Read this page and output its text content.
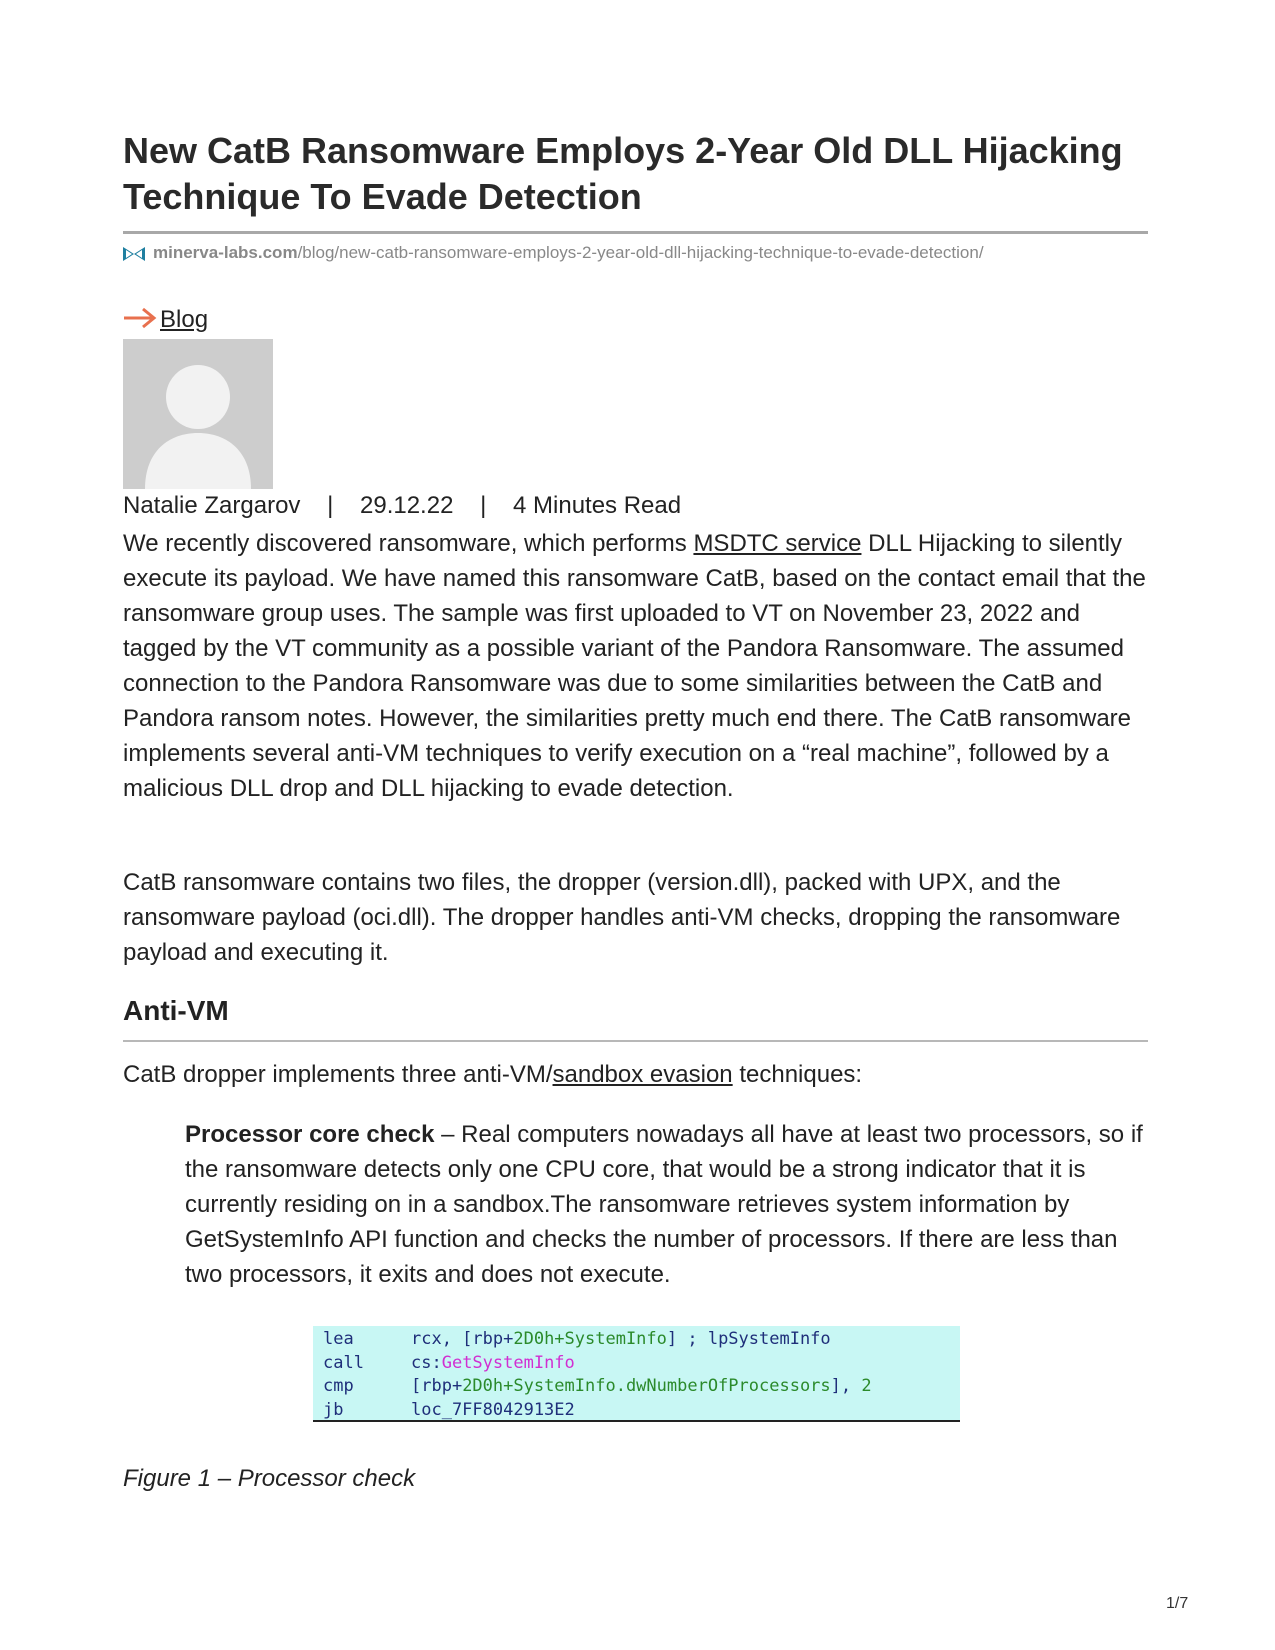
New CatB Ransomware Employs 2-Year Old DLL Hijacking Technique To Evade Detection
minerva-labs.com/blog/new-catb-ransomware-employs-2-year-old-dll-hijacking-technique-to-evade-detection/
Blog
Natalie Zargarov | 29.12.22 | 4 Minutes Read

We recently discovered ransomware, which performs MSDTC service DLL Hijacking to silently execute its payload. We have named this ransomware CatB, based on the contact email that the ransomware group uses. The sample was first uploaded to VT on November 23, 2022 and tagged by the VT community as a possible variant of the Pandora Ransomware. The assumed connection to the Pandora Ransomware was due to some similarities between the CatB and Pandora ransom notes. However, the similarities pretty much end there. The CatB ransomware implements several anti-VM techniques to verify execution on a “real machine”, followed by a malicious DLL drop and DLL hijacking to evade detection.

CatB ransomware contains two files, the dropper (version.dll), packed with UPX, and the ransomware payload (oci.dll). The dropper handles anti-VM checks, dropping the ransomware payload and executing it.

Anti-VM

CatB dropper implements three anti-VM/sandbox evasion techniques:

Processor core check – Real computers nowadays all have at least two processors, so if the ransomware detects only one CPU core, that would be a strong indicator that it is currently residing on in a sandbox.The ransomware retrieves system information by GetSystemInfo API function and checks the number of processors. If there are less than two processors, it exits and does not execute.

lea	rcx, [rbp+2D0h+SystemInfo] ; lpSystemInfo
call	cs:GetSystemInfo
cmp	[rbp+2D0h+SystemInfo.dwNumberOfProcessors], 2
jb	loc_7FF8042913E2
Figure 1 – Processor check
1/7
